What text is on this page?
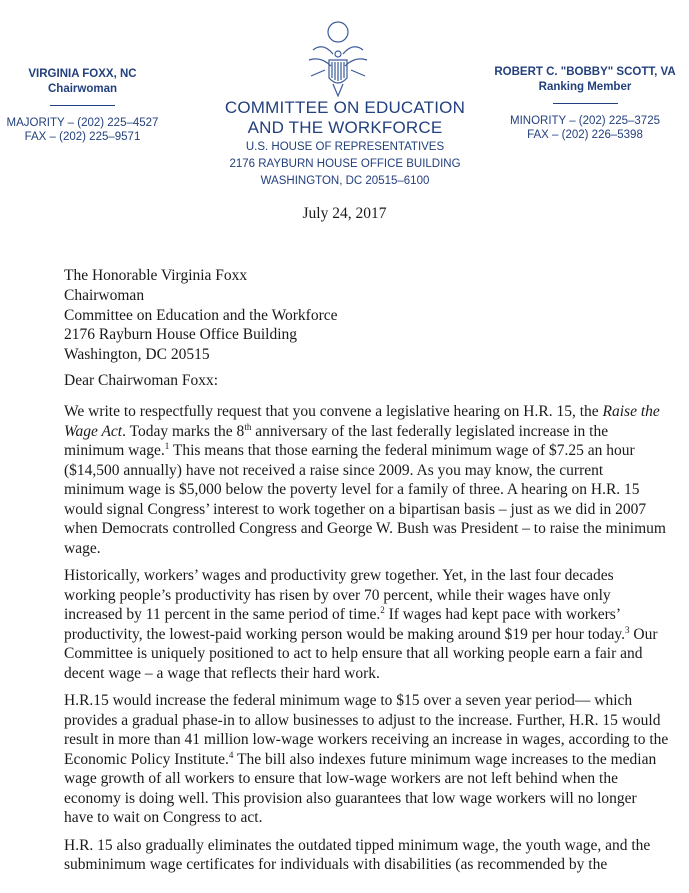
VIRGINIA FOXX, NC
Chairwoman
MAJORITY – (202) 225–4527
FAX – (202) 225–9571
COMMITTEE ON EDUCATION
AND THE WORKFORCE
U.S. HOUSE OF REPRESENTATIVES
2176 RAYBURN HOUSE OFFICE BUILDING
WASHINGTON, DC 20515–6100
ROBERT C. "BOBBY" SCOTT, VA
Ranking Member
MINORITY – (202) 225–3725
FAX – (202) 226–5398
July 24, 2017
The Honorable Virginia Foxx
Chairwoman
Committee on Education and the Workforce
2176 Rayburn House Office Building
Washington, DC 20515
Dear Chairwoman Foxx:
We write to respectfully request that you convene a legislative hearing on H.R. 15, the Raise the
Wage Act. Today marks the 8th anniversary of the last federally legislated increase in the
minimum wage.$^1$ This means that those earning the federal minimum wage of $7.25 an hour
($14,500 annually) have not received a raise since 2009. As you may know, the current
minimum wage is $5,000 below the poverty level for a family of three. A hearing on H.R. 15
would signal Congress’ interest to work together on a bipartisan basis – just as we did in 2007
when Democrats controlled Congress and George W. Bush was President – to raise the minimum
wage.
Historically, workers’ wages and productivity grew together. Yet, in the last four decades
working people’s productivity has risen by over 70 percent, while their wages have only
increased by 11 percent in the same period of time.$^2$ If wages had kept pace with workers’
productivity, the lowest-paid working person would be making around $19 per hour today.$^3$ Our
Committee is uniquely positioned to act to help ensure that all working people earn a fair and
decent wage – a wage that reflects their hard work.
H.R.15 would increase the federal minimum wage to $15 over a seven year period— which
provides a gradual phase-in to allow businesses to adjust to the increase. Further, H.R. 15 would
result in more than 41 million low-wage workers receiving an increase in wages, according to the
Economic Policy Institute.$^4$ The bill also indexes future minimum wage increases to the median
wage growth of all workers to ensure that low-wage workers are not left behind when the
economy is doing well. This provision also guarantees that low wage workers will no longer
have to wait on Congress to act.
H.R. 15 also gradually eliminates the outdated tipped minimum wage, the youth wage, and the
subminimum wage certificates for individuals with disabilities (as recommended by the
